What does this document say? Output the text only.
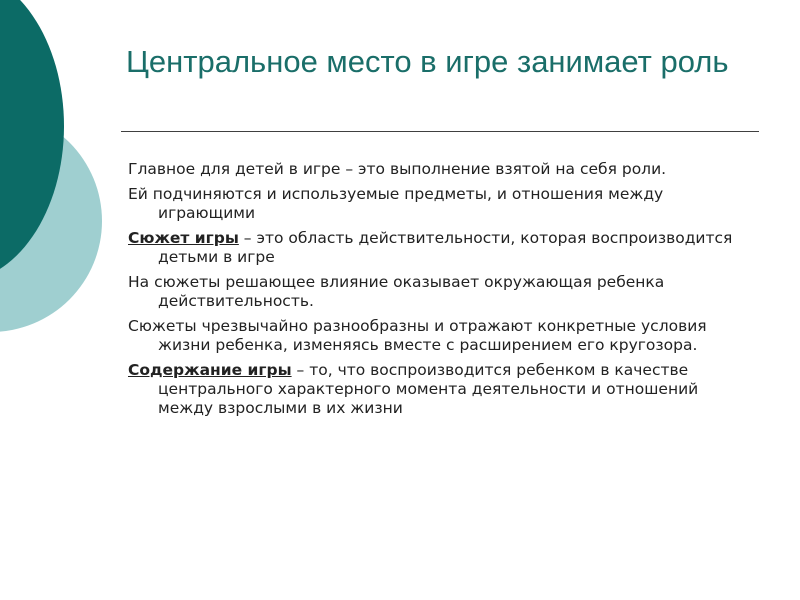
Центральное место в игре занимает роль

Главное для детей в игре – это выполнение взятой на себя роли.

Ей подчиняются и используемые предметы, и отношения между играющими

Сюжет игры – это область действительности, которая воспроизводится детьми в игре

На сюжеты решающее влияние оказывает окружающая ребенка действительность.

Сюжеты чрезвычайно разнообразны и отражают конкретные условия жизни ребенка, изменяясь вместе с расширением его кругозора.

Содержание игры – то, что воспроизводится ребенком в качестве центрального характерного момента деятельности и отношений между взрослыми в их жизни
